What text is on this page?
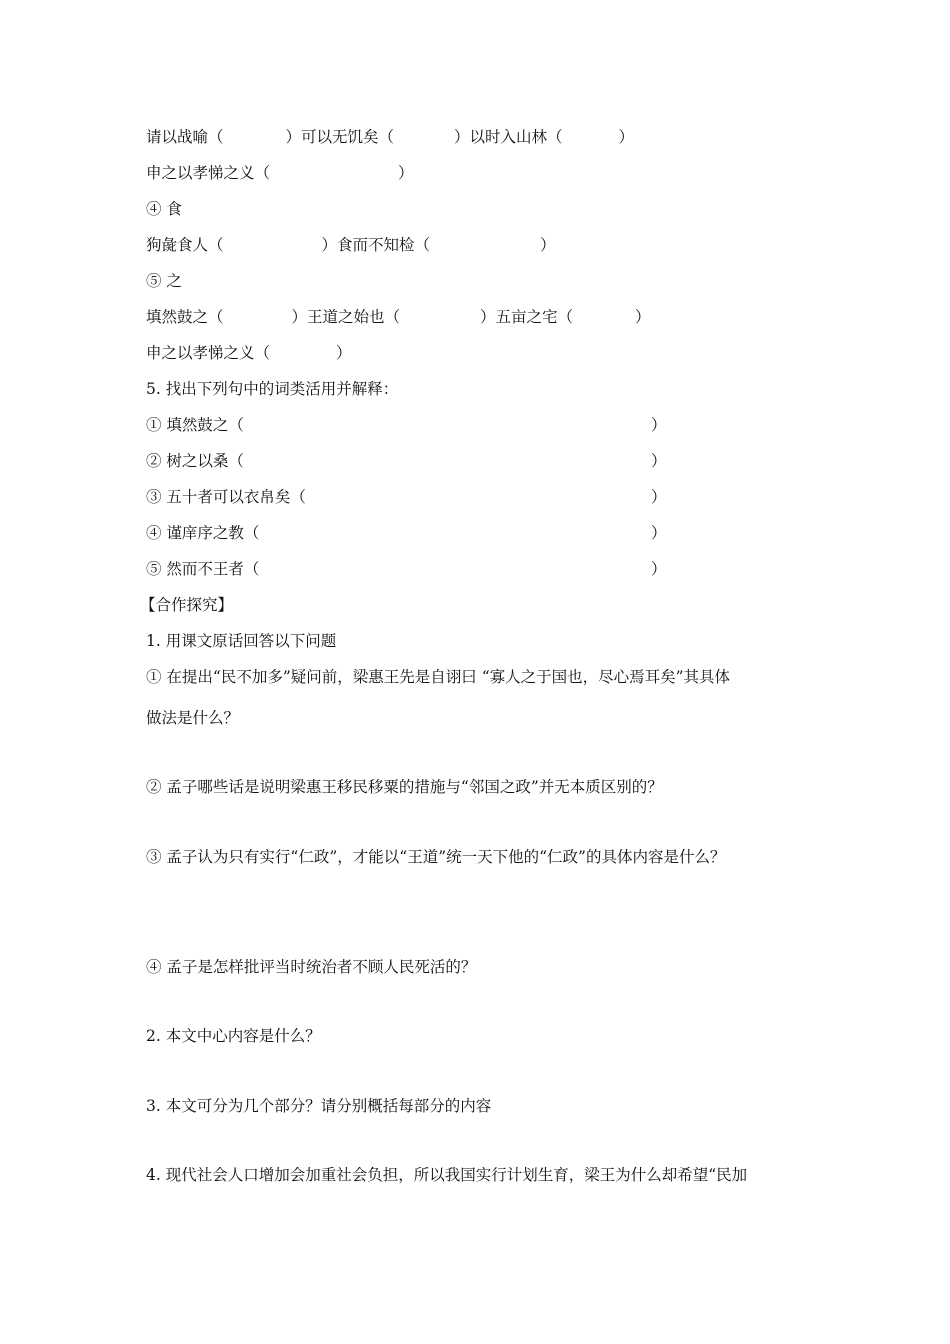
请以战喻（	）可以无饥矣（	）以时入山林（	）
申之以孝悌之义（	）
④ 食
狗彘食人（	）食而不知检（	）
⑤ 之
填然鼓之（	）王道之始也（	）五亩之宅（	）
申之以孝悌之义（	）
5. 找出下列句中的词类活用并解释：
① 填然鼓之（	）
② 树之以桑（	）
③ 五十者可以衣帛矣（	）
④ 谨庠序之教（	）
⑤ 然而不王者（	）
【合作探究】
1. 用课文原话回答以下问题
① 在提出“民不加多”疑问前，梁惠王先是自诩曰 “寡人之于国也，尽心焉耳矣”其具体
做法是什么？
② 孟子哪些话是说明梁惠王移民移粟的措施与“邻国之政”并无本质区别的？
③ 孟子认为只有实行“仁政”，才能以“王道”统一天下他的“仁政”的具体内容是什么？
④ 孟子是怎样批评当时统治者不顾人民死活的？
2. 本文中心内容是什么？
3. 本文可分为几个部分？请分别概括每部分的内容
4. 现代社会人口增加会加重社会负担，所以我国实行计划生育，梁王为什么却希望“民加
